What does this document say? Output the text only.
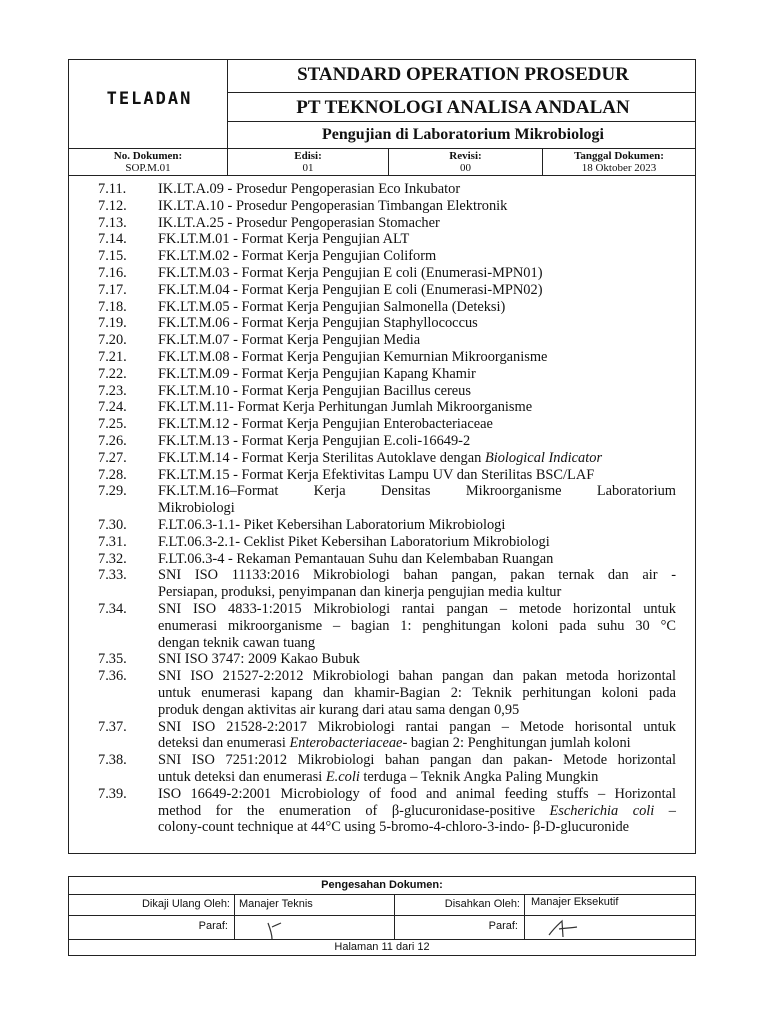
TELADAN
STANDARD OPERATION PROSEDUR
PT TEKNOLOGI ANALISA ANDALAN
Pengujian di Laboratorium Mikrobiologi
No. Dokumen:
SOP.M.01
Edisi:
01
Revisi:
00
Tanggal Dokumen:
18 Oktober 2023
7.11.	IK.LT.A.09 - Prosedur Pengoperasian Eco Inkubator
7.12.	IK.LT.A.10 - Prosedur Pengoperasian Timbangan Elektronik
7.13.	IK.LT.A.25 - Prosedur Pengoperasian Stomacher
7.14.	FK.LT.M.01 - Format Kerja Pengujian ALT
7.15.	FK.LT.M.02 - Format Kerja Pengujian Coliform
7.16.	FK.LT.M.03 - Format Kerja Pengujian E coli (Enumerasi-MPN01)
7.17.	FK.LT.M.04 - Format Kerja Pengujian E coli (Enumerasi-MPN02)
7.18.	FK.LT.M.05 - Format Kerja Pengujian Salmonella (Deteksi)
7.19.	FK.LT.M.06 - Format Kerja Pengujian Staphyllococcus
7.20.	FK.LT.M.07 - Format Kerja Pengujian Media
7.21.	FK.LT.M.08 - Format Kerja Pengujian Kemurnian Mikroorganisme
7.22.	FK.LT.M.09 - Format Kerja Pengujian Kapang Khamir
7.23.	FK.LT.M.10 - Format Kerja Pengujian Bacillus cereus
7.24.	FK.LT.M.11- Format Kerja Perhitungan Jumlah Mikroorganisme
7.25.	FK.LT.M.12 - Format Kerja Pengujian Enterobacteriaceae
7.26.	FK.LT.M.13 - Format Kerja Pengujian E.coli-16649-2
7.27.	FK.LT.M.14 - Format Kerja Sterilitas Autoklave dengan Biological Indicator
7.28.	FK.LT.M.15 - Format Kerja Efektivitas Lampu UV dan Sterilitas BSC/LAF
7.29.	FK.LT.M.16–Format Kerja Densitas Mikroorganisme Laboratorium
Mikrobiologi
7.30.	F.LT.06.3-1.1- Piket Kebersihan Laboratorium Mikrobiologi
7.31.	F.LT.06.3-2.1- Ceklist Piket Kebersihan Laboratorium Mikrobiologi
7.32.	F.LT.06.3-4 - Rekaman Pemantauan Suhu dan Kelembaban Ruangan
7.33.	SNI ISO 11133:2016 Mikrobiologi bahan pangan, pakan ternak dan air -
Persiapan, produksi, penyimpanan dan kinerja pengujian media kultur
7.34.	SNI ISO 4833-1:2015 Mikrobiologi rantai pangan – metode horizontal untuk
enumerasi mikroorganisme – bagian 1: penghitungan koloni pada suhu 30 °C
dengan teknik cawan tuang
7.35.	SNI ISO 3747: 2009 Kakao Bubuk
7.36.	SNI ISO 21527-2:2012 Mikrobiologi bahan pangan dan pakan metoda horizontal
untuk enumerasi kapang dan khamir-Bagian 2: Teknik perhitungan koloni pada
produk dengan aktivitas air kurang dari atau sama dengan 0,95
7.37.	SNI ISO 21528-2:2017 Mikrobiologi rantai pangan – Metode horisontal untuk
deteksi dan enumerasi Enterobacteriaceae- bagian 2: Penghitungan jumlah koloni
7.38.	SNI ISO 7251:2012 Mikrobiologi bahan pangan dan pakan- Metode horizontal
untuk deteksi dan enumerasi E.coli terduga – Teknik Angka Paling Mungkin
7.39.	ISO 16649-2:2001 Microbiology of food and animal feeding stuffs – Horizontal
method for the enumeration of β-glucuronidase-positive Escherichia coli –
colony-count technique at 44°C using 5-bromo-4-chloro-3-indo- β-D-glucuronide
Pengesahan Dokumen:
Dikaji Ulang Oleh: Manajer Teknis	Disahkan Oleh: Manajer Eksekutif
Paraf:	Paraf:
Halaman 11 dari 12
